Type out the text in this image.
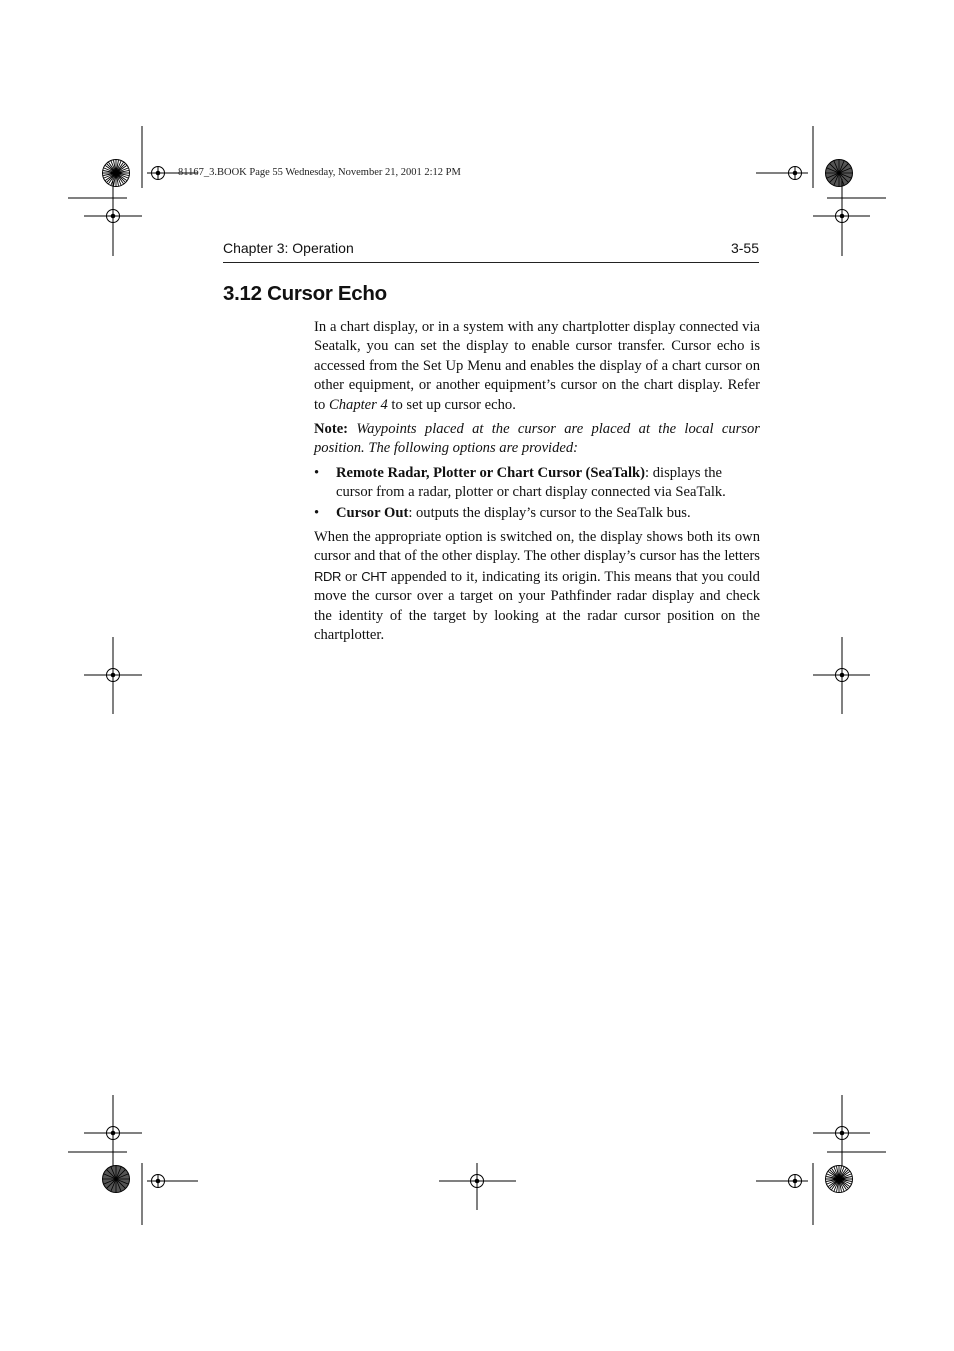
81167_3.BOOK Page 55 Wednesday, November 21, 2001 2:12 PM
Chapter 3: Operation	3-55
3.12 Cursor Echo

In a chart display, or in a system with any chartplotter display connected via Seatalk, you can set the display to enable cursor transfer. Cursor echo is accessed from the Set Up Menu and enables the display of a chart cursor on other equipment, or another equipment’s cursor on the chart display. Refer to Chapter 4 to set up cursor echo.

Note: Waypoints placed at the cursor are placed at the local cursor position. The following options are provided:

• Remote Radar, Plotter or Chart Cursor (SeaTalk): displays the cursor from a radar, plotter or chart display connected via SeaTalk.
• Cursor Out: outputs the display’s cursor to the SeaTalk bus.

When the appropriate option is switched on, the display shows both its own cursor and that of the other display. The other display’s cursor has the letters RDR or CHT appended to it, indicating its origin. This means that you could move the cursor over a target on your Pathfinder radar display and check the identity of the target by looking at the radar cursor position on the chartplotter.
